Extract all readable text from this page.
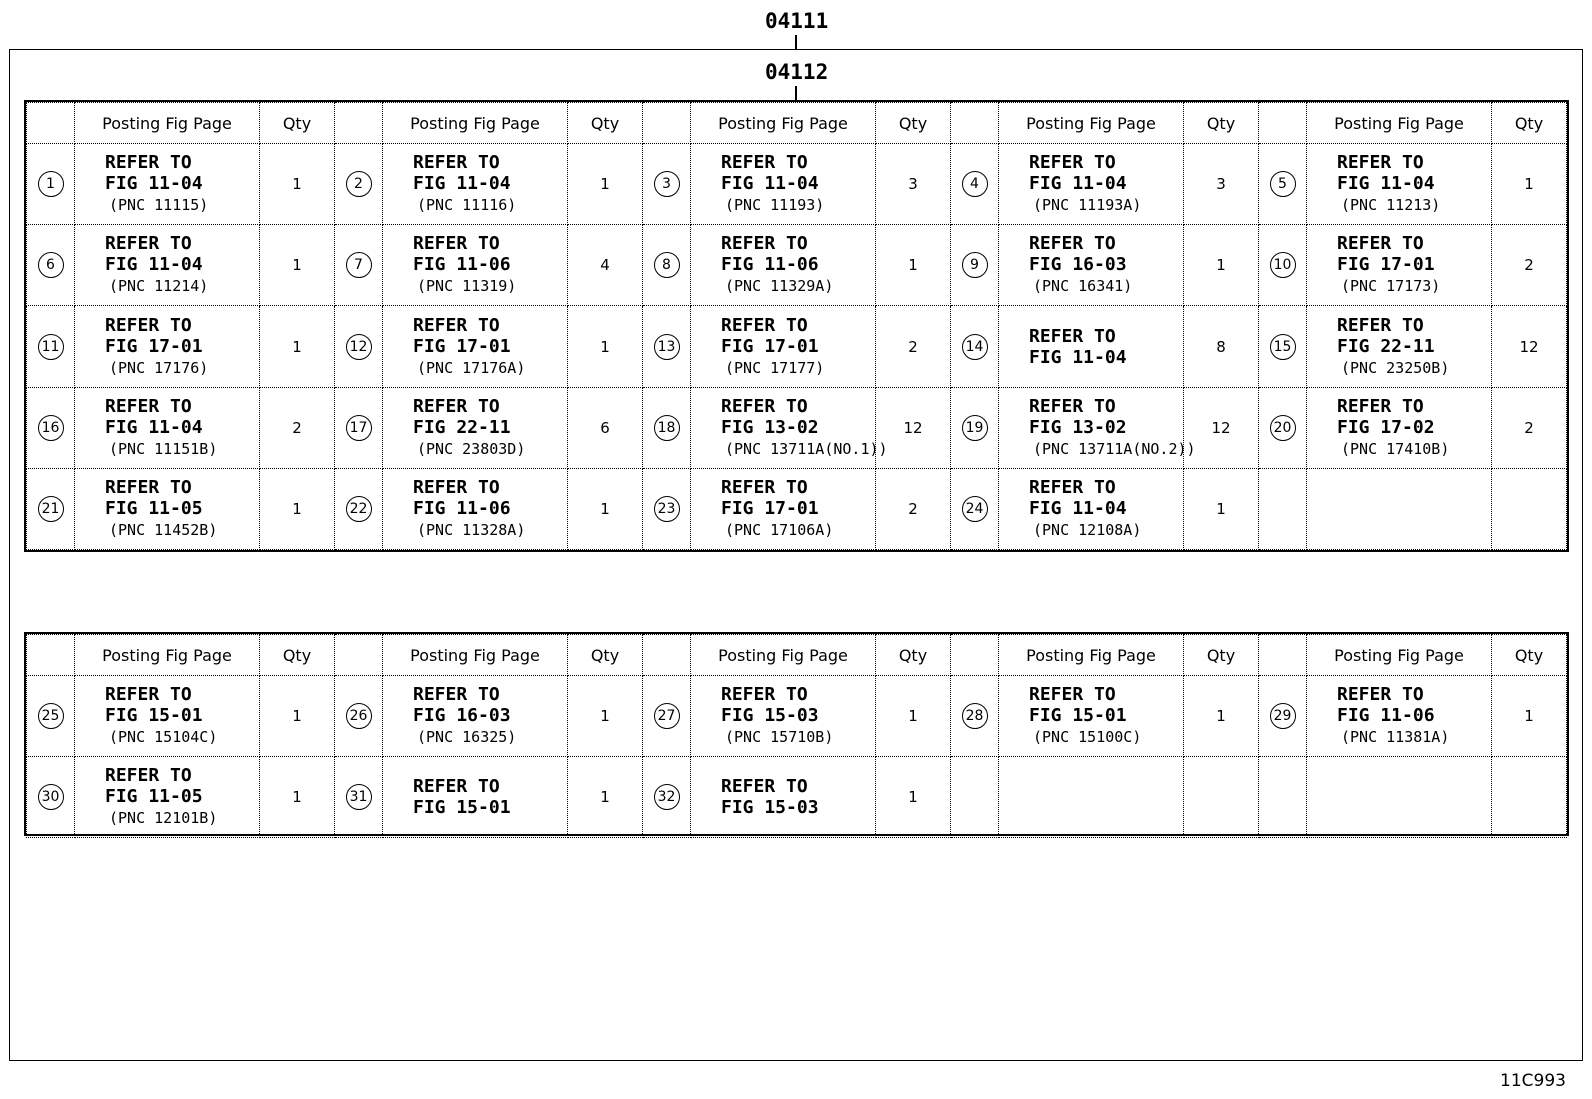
04111
04112
	Posting Fig Page	Qty		Posting Fig Page	Qty		Posting Fig Page	Qty		Posting Fig Page	Qty		Posting Fig Page	Qty
1	REFER TO
FIG 11-04
(PNC 11115)	1	2	REFER TO
FIG 11-04
(PNC 11116)	1	3	REFER TO
FIG 11-04
(PNC 11193)	3	4	REFER TO
FIG 11-04
(PNC 11193A)	3	5	REFER TO
FIG 11-04
(PNC 11213)	1
6	REFER TO
FIG 11-04
(PNC 11214)	1	7	REFER TO
FIG 11-06
(PNC 11319)	4	8	REFER TO
FIG 11-06
(PNC 11329A)	1	9	REFER TO
FIG 16-03
(PNC 16341)	1	10	REFER TO
FIG 17-01
(PNC 17173)	2
11	REFER TO
FIG 17-01
(PNC 17176)	1	12	REFER TO
FIG 17-01
(PNC 17176A)	1	13	REFER TO
FIG 17-01
(PNC 17177)	2	14	REFER TO
FIG 11-04	8	15	REFER TO
FIG 22-11
(PNC 23250B)	12
16	REFER TO
FIG 11-04
(PNC 11151B)	2	17	REFER TO
FIG 22-11
(PNC 23803D)	6	18	REFER TO
FIG 13-02
(PNC 13711A(NO.1))	12	19	REFER TO
FIG 13-02
(PNC 13711A(NO.2))	12	20	REFER TO
FIG 17-02
(PNC 17410B)	2
21	REFER TO
FIG 11-05
(PNC 11452B)	1	22	REFER TO
FIG 11-06
(PNC 11328A)	1	23	REFER TO
FIG 17-01
(PNC 17106A)	2	24	REFER TO
FIG 11-04
(PNC 12108A)	1			
	Posting Fig Page	Qty		Posting Fig Page	Qty		Posting Fig Page	Qty		Posting Fig Page	Qty		Posting Fig Page	Qty
25	REFER TO
FIG 15-01
(PNC 15104C)	1	26	REFER TO
FIG 16-03
(PNC 16325)	1	27	REFER TO
FIG 15-03
(PNC 15710B)	1	28	REFER TO
FIG 15-01
(PNC 15100C)	1	29	REFER TO
FIG 11-06
(PNC 11381A)	1
30	REFER TO
FIG 11-05
(PNC 12101B)	1	31	REFER TO
FIG 15-01	1	32	REFER TO
FIG 15-03	1						
11C993
